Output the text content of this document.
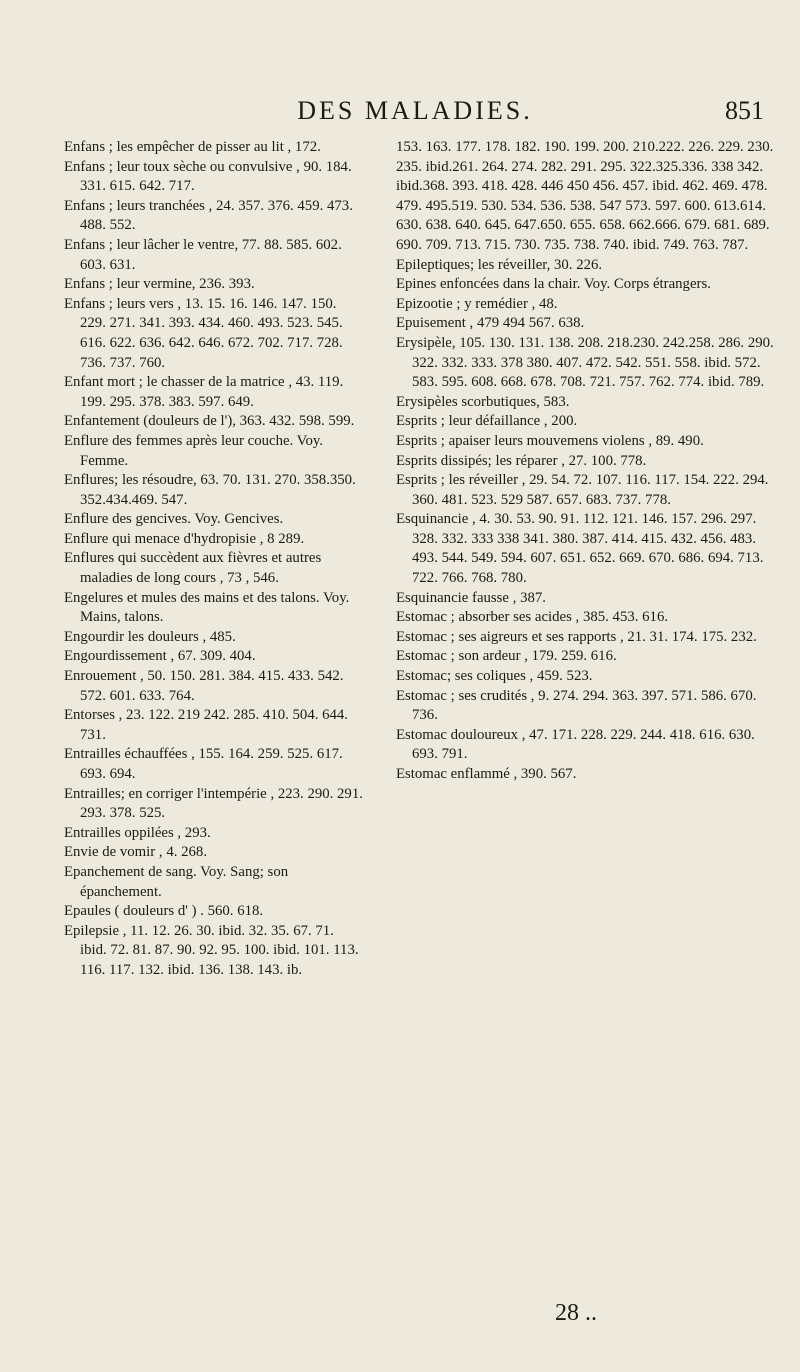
DES MALADIES.	851

Enfans ; les empêcher de pisser au lit , 172.

Enfans ; leur toux sèche ou convulsive , 90. 184. 331. 615. 642. 717.

Enfans ; leurs tranchées , 24. 357. 376. 459. 473. 488. 552.

Enfans ; leur lâcher le ventre, 77. 88. 585. 602. 603. 631.

Enfans ; leur vermine, 236. 393.

Enfans ; leurs vers , 13. 15. 16. 146. 147. 150. 229. 271. 341. 393. 434. 460. 493. 523. 545. 616. 622. 636. 642. 646. 672. 702. 717. 728. 736. 737. 760.

Enfant mort ; le chasser de la matrice , 43. 119. 199. 295. 378. 383. 597. 649.

Enfantement (douleurs de l'), 363. 432. 598. 599.

Enflure des femmes après leur couche. Voy. Femme.

Enflures; les résoudre, 63. 70. 131. 270. 358.350. 352.434.469. 547.

Enflure des gencives. Voy. Gencives.

Enflure qui menace d'hydropisie , 8 289.

Enflures qui succèdent aux fièvres et autres maladies de long cours , 73 , 546.

Engelures et mules des mains et des talons. Voy. Mains, talons.

Engourdir les douleurs , 485.

Engourdissement , 67. 309. 404.

Enrouement , 50. 150. 281. 384. 415. 433. 542. 572. 601. 633. 764.

Entorses , 23. 122. 219 242. 285. 410. 504. 644. 731.

Entrailles échauffées , 155. 164. 259. 525. 617. 693. 694.

Entrailles; en corriger l'intempérie , 223. 290. 291. 293. 378. 525.

Entrailles oppilées , 293.

Envie de vomir , 4. 268.

Epanchement de sang. Voy. Sang; son épanchement.

Epaules ( douleurs d' ) . 560. 618.

Epilepsie , 11. 12. 26. 30. ibid. 32. 35. 67. 71. ibid. 72. 81. 87. 90. 92. 95. 100. ibid. 101. 113. 116. 117. 132. ibid. 136. 138. 143. ib.

153. 163. 177. 178. 182. 190. 199. 200. 210.222. 226. 229. 230. 235. ibid.261. 264. 274. 282. 291. 295. 322.325.336. 338 342. ibid.368. 393. 418. 428. 446 450 456. 457. ibid. 462. 469. 478. 479. 495.519. 530. 534. 536. 538. 547 573. 597. 600. 613.614. 630. 638. 640. 645. 647.650. 655. 658. 662.666. 679. 681. 689. 690. 709. 713. 715. 730. 735. 738. 740. ibid. 749. 763. 787.

Epileptiques; les réveiller, 30. 226.

Epines enfoncées dans la chair. Voy. Corps étrangers.

Epizootie ; y remédier , 48.

Epuisement , 479 494 567. 638.

Erysipèle, 105. 130. 131. 138. 208. 218.230. 242.258. 286. 290. 322. 332. 333. 378 380. 407. 472. 542. 551. 558. ibid. 572. 583. 595. 608. 668. 678. 708. 721. 757. 762. 774. ibid. 789.

Erysipèles scorbutiques, 583.

Esprits ; leur défaillance , 200.

Esprits ; apaiser leurs mouvemens violens , 89. 490.

Esprits dissipés; les réparer , 27. 100. 778.

Esprits ; les réveiller , 29. 54. 72. 107. 116. 117. 154. 222. 294. 360. 481. 523. 529 587. 657. 683. 737. 778.

Esquinancie , 4. 30. 53. 90. 91. 112. 121. 146. 157. 296. 297. 328. 332. 333 338 341. 380. 387. 414. 415. 432. 456. 483. 493. 544. 549. 594. 607. 651. 652. 669. 670. 686. 694. 713. 722. 766. 768. 780.

Esquinancie fausse , 387.

Estomac ; absorber ses acides , 385. 453. 616.

Estomac ; ses aigreurs et ses rapports , 21. 31. 174. 175. 232.

Estomac ; son ardeur , 179. 259. 616.

Estomac; ses coliques , 459. 523.

Estomac ; ses crudités , 9. 274. 294. 363. 397. 571. 586. 670. 736.

Estomac douloureux , 47. 171. 228. 229. 244. 418. 616. 630. 693. 791.

Estomac enflammé , 390. 567.

28 ..
